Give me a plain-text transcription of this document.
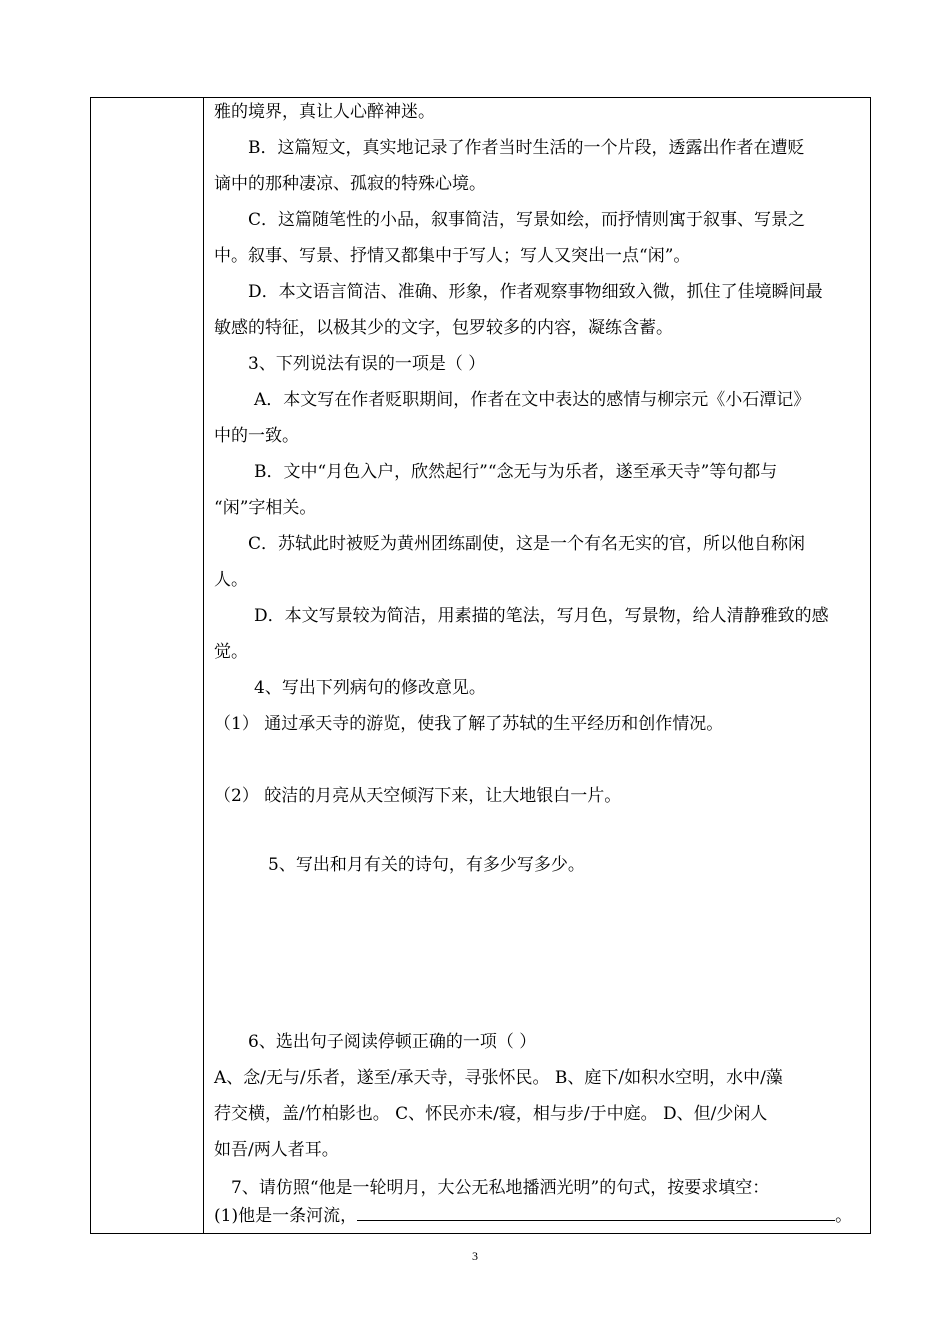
雅的境界，真让人心醉神迷。
B．这篇短文，真实地记录了作者当时生活的一个片段，透露出作者在遭贬
谪中的那种凄凉、孤寂的特殊心境。
C．这篇随笔性的小品，叙事简洁，写景如绘，而抒情则寓于叙事、写景之
中。叙事、写景、抒情又都集中于写人；写人又突出一点“闲”。
D．本文语言简洁、准确、形象，作者观察事物细致入微，抓住了佳境瞬间最
敏感的特征，以极其少的文字，包罗较多的内容，凝练含蓄。
3、下列说法有误的一项是（ ）
A．本文写在作者贬职期间，作者在文中表达的感情与柳宗元《小石潭记》
中的一致。
B．文中“月色入户，欣然起行”“念无与为乐者，遂至承天寺”等句都与
“闲”字相关。
C．苏轼此时被贬为黄州团练副使，这是一个有名无实的官，所以他自称闲
人。
D．本文写景较为简洁，用素描的笔法，写月色，写景物，给人清静雅致的感
觉。
4、写出下列病句的修改意见。
（1） 通过承天寺的游览，使我了解了苏轼的生平经历和创作情况。
（2） 皎洁的月亮从天空倾泻下来，让大地银白一片。
5、写出和月有关的诗句，有多少写多少。
6、选出句子阅读停顿正确的一项（ ）
A、念/无与/乐者，遂至/承天寺，寻张怀民。 B、庭下/如积水空明，水中/藻
荇交横，盖/竹柏影也。 C、怀民亦未/寝，相与步/于中庭。 D、但/少闲人
如吾/两人者耳。
7、请仿照“他是一轮明月，大公无私地播洒光明”的句式，按要求填空：
(1)他是一条河流，	。
3
